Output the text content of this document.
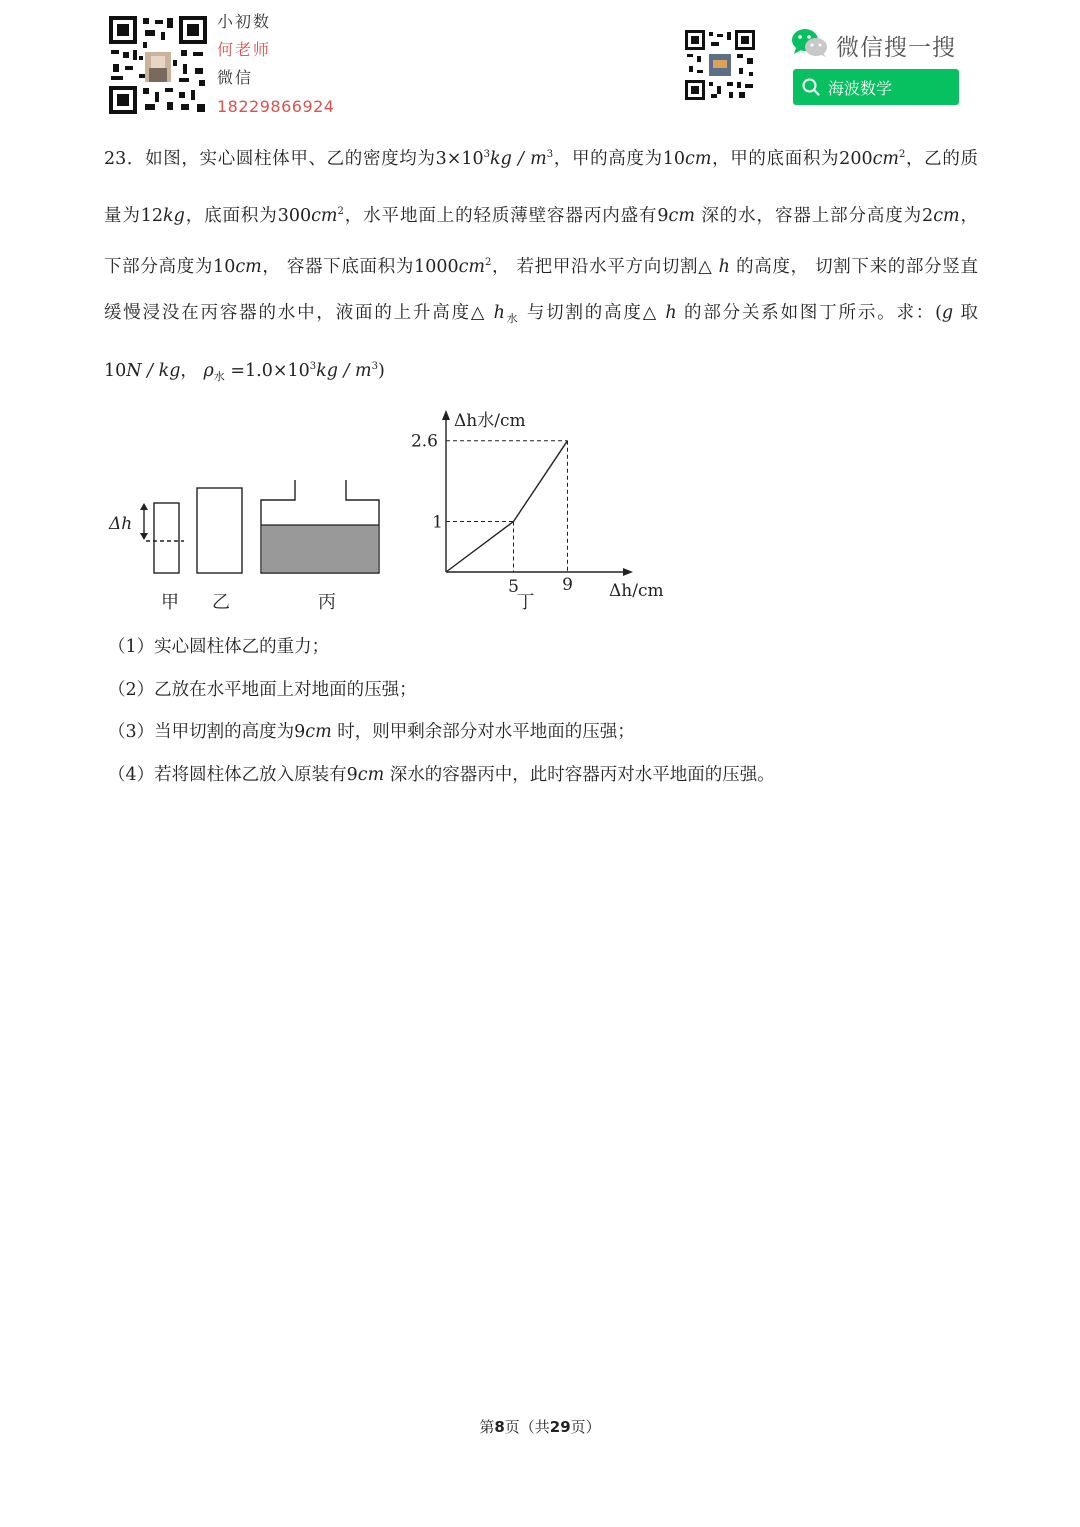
小初数
何老师
微信
18229866924
微信搜一搜
海波数学
23．如图，实心圆柱体甲、乙的密度均为$3\times 10^3kg / m^3$，甲的高度为10cm，甲的底面积为$200cm^2$，乙的质
量为12kg，底面积为$300cm^2$，水平地面上的轻质薄壁容器丙内盛有9cm 深的水，容器上部分高度为2cm，
下部分高度为10cm， 容器下底面积为$1000cm^2$， 若把甲沿水平方向切割△ h 的高度， 切割下来的部分竖直
缓慢浸没在丙容器的水中，液面的上升高度△ $h_水$ 与切割的高度△ h 的部分关系如图丁所示。求：(g 取
10N / kg， $\rho_水 =1.0\times 10^3kg / m^3$)
Δh
甲 乙	丙
Δh水/cm
Δh/cm
2.6
1
5	9
丁
（1）实心圆柱体乙的重力；
（2）乙放在水平地面上对地面的压强；
（3）当甲切割的高度为9cm 时，则甲剩余部分对水平地面的压强；
（4）若将圆柱体乙放入原装有9cm 深水的容器丙中，此时容器丙对水平地面的压强。
第8页（共29页）
